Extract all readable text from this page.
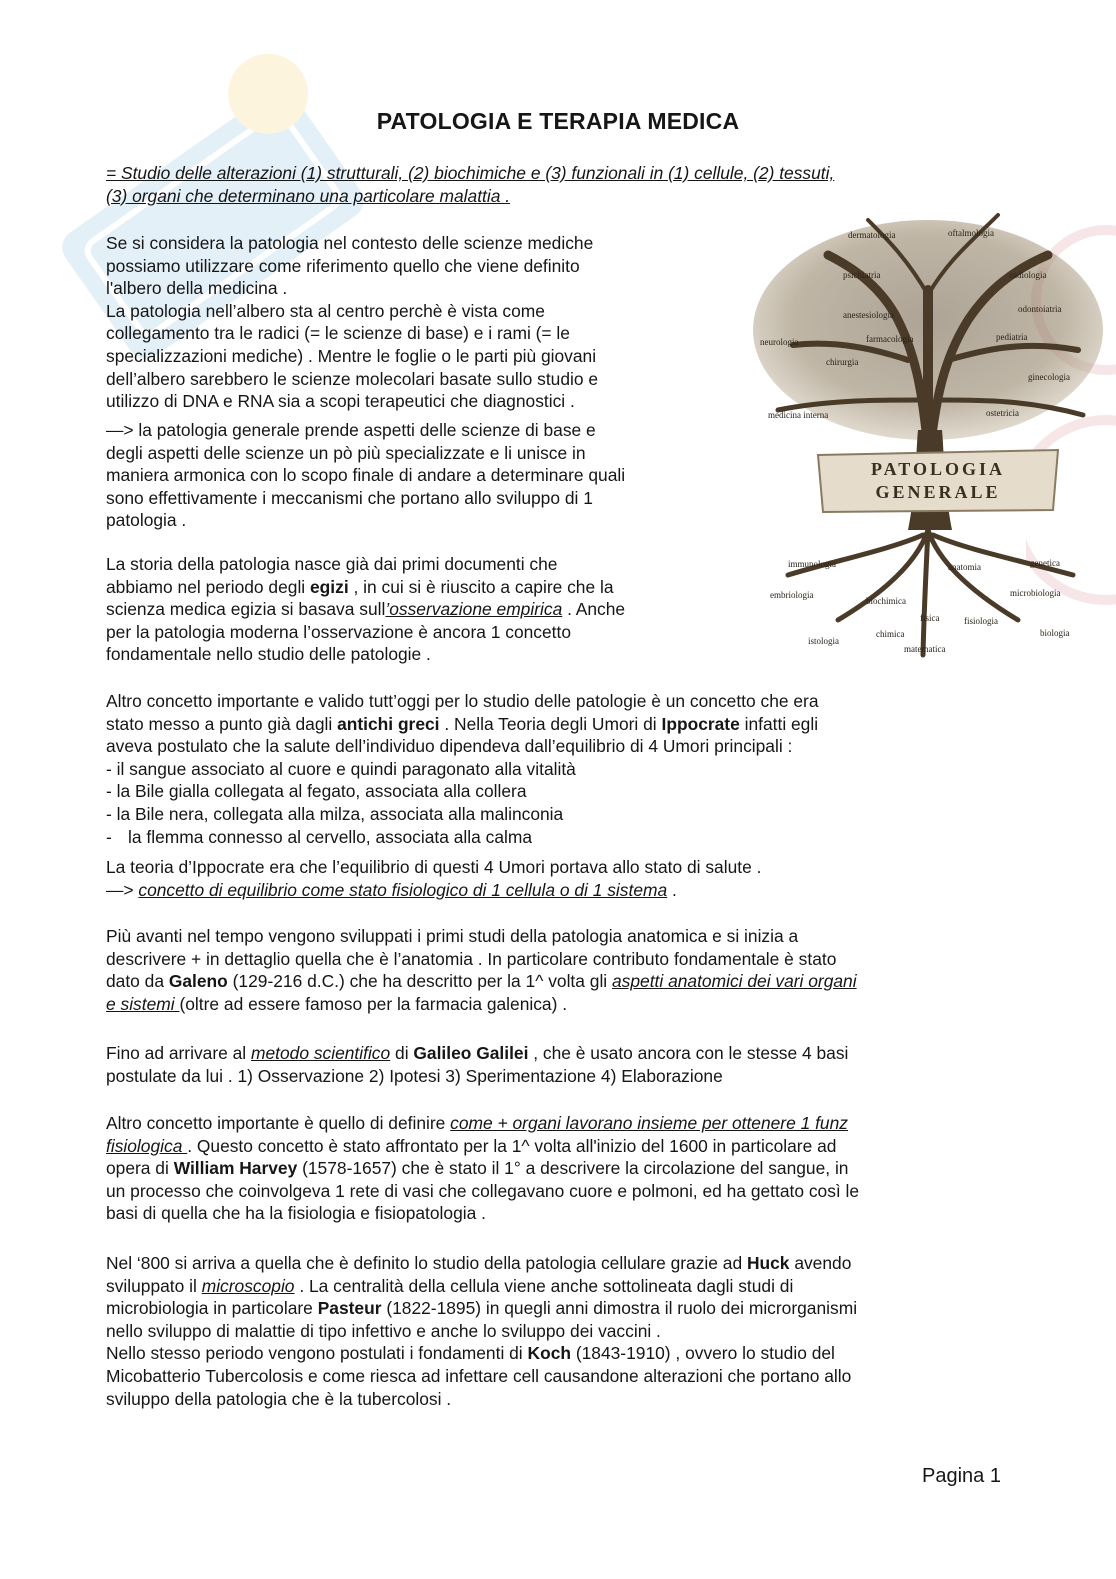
PATOLOGIA E TERAPIA MEDICA
= Studio delle alterazioni (1) strutturali, (2) biochimiche e (3) funzionali in (1) cellule, (2) tessuti,
(3) organi che determinano una particolare malattia .
Se si considera la patologia nel contesto delle scienze mediche
possiamo utilizzare come riferimento quello che viene definito
l'albero della medicina .
La patologia nell’albero sta al centro perchè è vista come
collegamento tra le radici (= le scienze di base) e i rami (= le
specializzazioni mediche) . Mentre le foglie o le parti più giovani
dell’albero sarebbero le scienze molecolari basate sullo studio e
utilizzo di DNA e RNA sia a scopi terapeutici che diagnostici .
—> la patologia generale prende aspetti delle scienze di base e
degli aspetti delle scienze un pò più specializzate e li unisce in
maniera armonica con lo scopo finale di andare a determinare quali
sono effettivamente i meccanismi che portano allo sviluppo di 1
patologia .
La storia della patologia nasce già dai primi documenti che
abbiamo nel periodo degli egizi , in cui si è riuscito a capire che la
scienza medica egizia si basava sull’osservazione empirica . Anche
per la patologia moderna l’osservazione è ancora 1 concetto
fondamentale nello studio delle patologie .
PATOLOGIA
GENERALE
dermatologia	oftalmologia
psichiatria	radiologia
anestesiologia
odontoiatria
neurologia	farmacologia	pediatria
chirurgia
ginecologia
medicina interna	ostetricia
immunologia	anatomia	genetica
embriologia
biochimica
microbiologia
fisica	fisiologia
chimica
istologia
biologia
matematica
Altro concetto importante e valido tutt’oggi per lo studio delle patologie è un concetto che era
stato messo a punto già dagli antichi greci . Nella Teoria degli Umori di Ippocrate infatti egli
aveva postulato che la salute dell’individuo dipendeva dall’equilibrio di 4 Umori principali :
- il sangue associato al cuore e quindi paragonato alla vitalità
- la Bile gialla collegata al fegato, associata alla collera
- la Bile nera, collegata alla milza, associata alla malinconia
- la flemma connesso al cervello, associata alla calma
La teoria d’Ippocrate era che l’equilibrio di questi 4 Umori portava allo stato di salute .
—> concetto di equilibrio come stato fisiologico di 1 cellula o di 1 sistema .
Più avanti nel tempo vengono sviluppati i primi studi della patologia anatomica e si inizia a
descrivere + in dettaglio quella che è l’anatomia . In particolare contributo fondamentale è stato
dato da Galeno (129-216 d.C.) che ha descritto per la 1^ volta gli aspetti anatomici dei vari organi
e sistemi (oltre ad essere famoso per la farmacia galenica) .
Fino ad arrivare al metodo scientifico di Galileo Galilei , che è usato ancora con le stesse 4 basi
postulate da lui . 1) Osservazione 2) Ipotesi 3) Sperimentazione 4) Elaborazione
Altro concetto importante è quello di definire come + organi lavorano insieme per ottenere 1 funz
fisiologica . Questo concetto è stato affrontato per la 1^ volta all'inizio del 1600 in particolare ad
opera di William Harvey (1578-1657) che è stato il 1° a descrivere la circolazione del sangue, in
un processo che coinvolgeva 1 rete di vasi che collegavano cuore e polmoni, ed ha gettato così le
basi di quella che ha la fisiologia e fisiopatologia .
Nel ‘800 si arriva a quella che è definito lo studio della patologia cellulare grazie ad Huck avendo
sviluppato il microscopio . La centralità della cellula viene anche sottolineata dagli studi di
microbiologia in particolare Pasteur (1822-1895) in quegli anni dimostra il ruolo dei microrganismi
nello sviluppo di malattie di tipo infettivo e anche lo sviluppo dei vaccini .
Nello stesso periodo vengono postulati i fondamenti di Koch (1843-1910) , ovvero lo studio del
Micobatterio Tubercolosis e come riesca ad infettare cell causandone alterazioni che portano allo
sviluppo della patologia che è la tubercolosi .
Pagina 1
